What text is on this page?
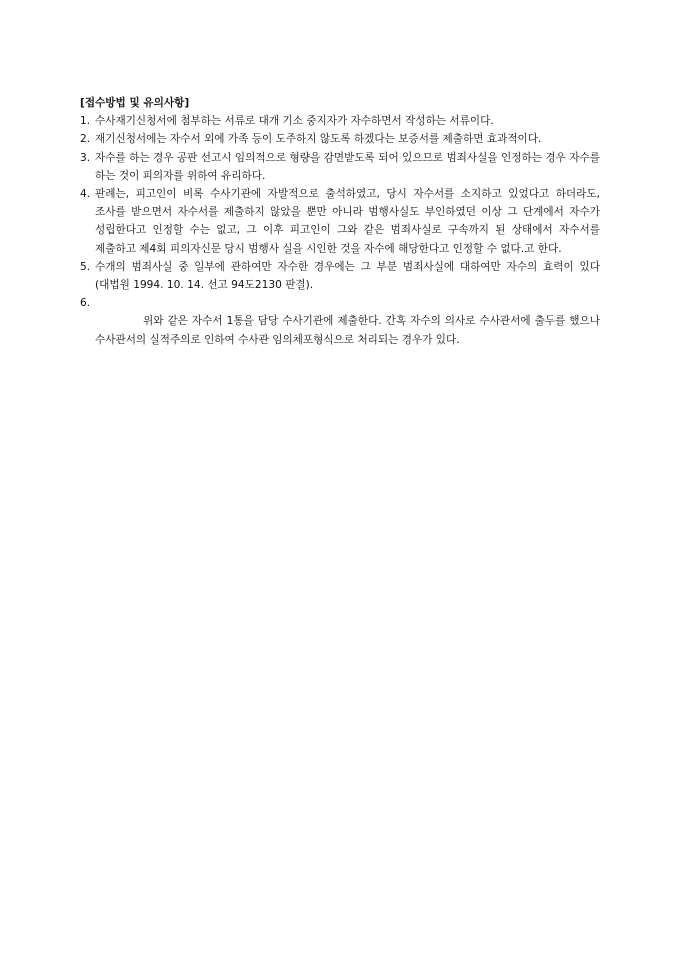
[접수방법 및 유의사항]
1. 수사재기신청서에 첨부하는 서류로 대개 기소 중지자가 자수하면서 작성하는 서류이다.
2. 재기신청서에는 자수서 외에 가족 등이 도주하지 않도록 하겠다는 보증서를 제출하면 효과적이다.
3. 자수를 하는 경우 공판 선고시 임의적으로 형량을 감면받도록 되어 있으므로 범죄사실을 인정하는 경우 자수를 하는 것이 피의자를 위하여 유리하다.
4. 판례는, 피고인이 비록 수사기관에 자발적으로 출석하였고, 당시 자수서를 소지하고 있었다고 하더라도, 조사를 받으면서 자수서를 제출하지 않았을 뿐만 아니라 범행사실도 부인하였던 이상 그 단계에서 자수가 성립한다고 인정할 수는 없고, 그 이후 피고인이 그와 같은 범죄사실로 구속까지 된 상태에서 자수서를 제출하고 제4회 피의자신문 당시 범행사 실을 시인한 것을 자수에 해당한다고 인정할 수 없다.고 한다.
5. 수개의 범죄사실 중 일부에 관하여만 자수한 경우에는 그 부분 범죄사실에 대하여만 자수의 효력이 있다(대법원 1994. 10. 14. 선고 94도2130 판결).
6.
위와 같은 자수서 1통을 담당 수사기관에 제출한다. 간혹 자수의 의사로 수사관서에 출두를 했으나 수사관서의 실적주의로 인하여 수사관 임의체포형식으로 처리되는 경우가 있다.
